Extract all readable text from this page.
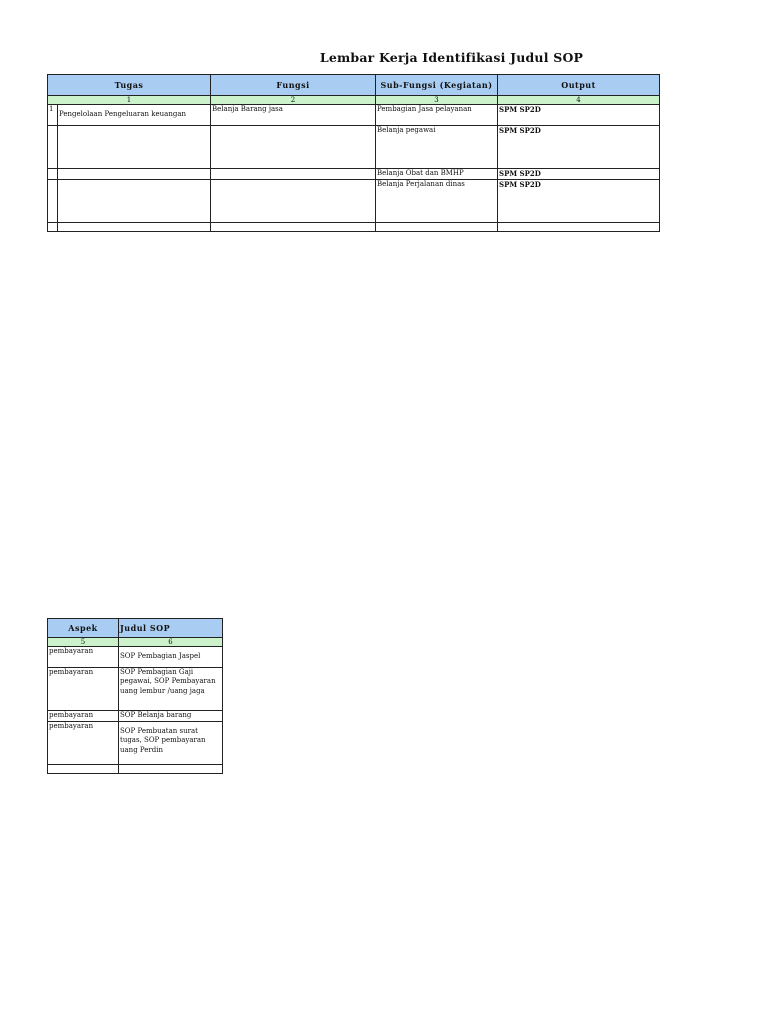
Lembar Kerja Identifikasi Judul SOP
Tugas		Fungsi	Sub-Fungsi (Kegiatan)	Output
1		2	3	4
1	Pengelolaan Pengeluaran keuangan	Belanja Barang jasa	Pembagian Jasa pelayanan	SPM SP2D
			Belanja pegawai	SPM SP2D
			Belanja Obat dan BMHP	SPM SP2D
			Belanja Perjalanan dinas	SPM SP2D

Aspek	Judul SOP
5	6
pembayaran	SOP Pembagian Jaspel
pembayaran	SOP Pembagian Gaji pegawai, SOP Pembayaran uang lembur /uang jaga
pembayaran	SOP Belanja barang
pembayaran	SOP Pembuatan surat tugas, SOP pembayaran uang Perdin
